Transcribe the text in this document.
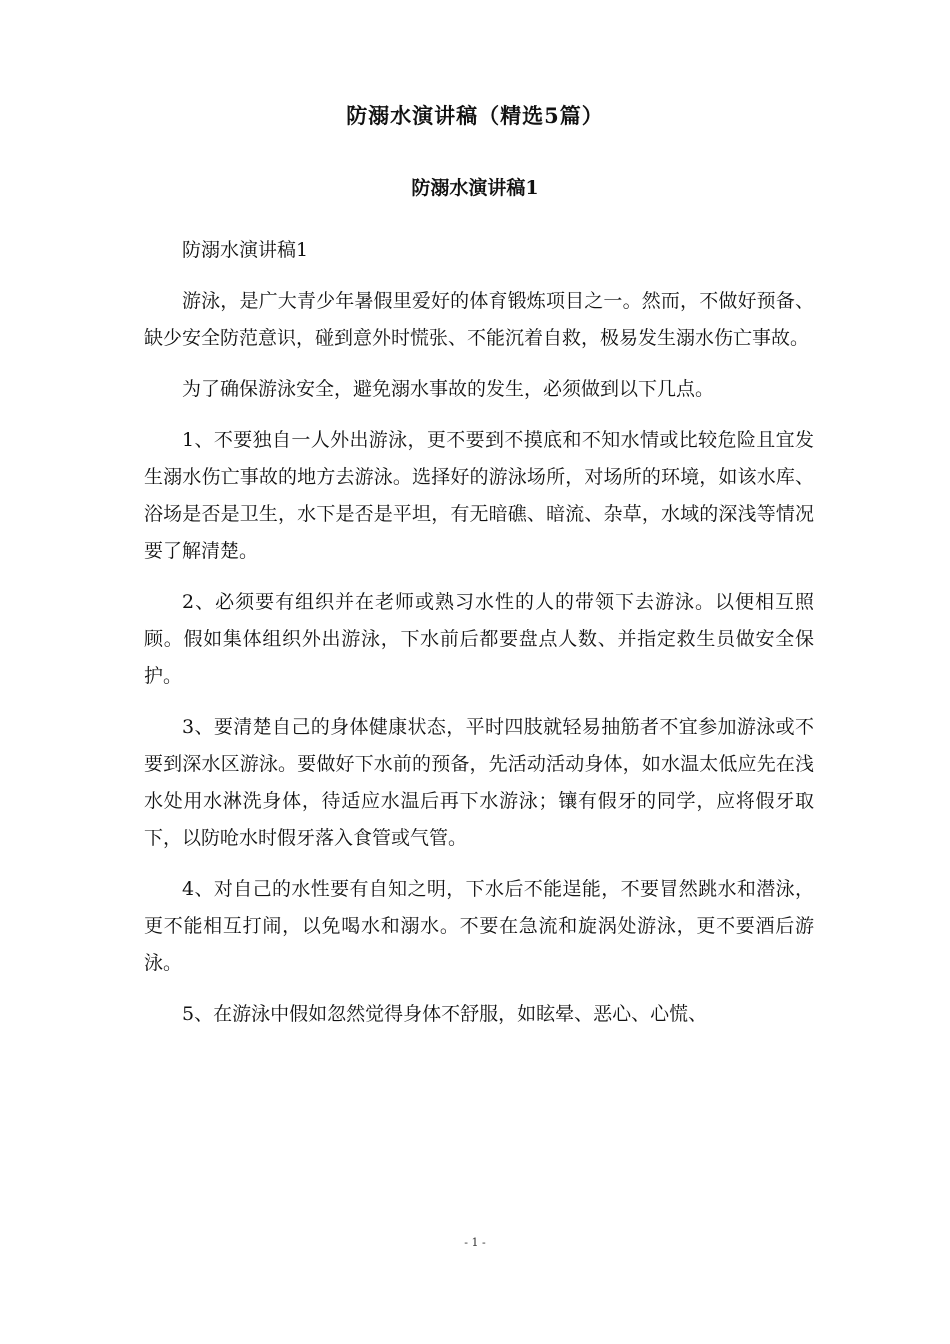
防溺水演讲稿（精选5篇）
防溺水演讲稿1

防溺水演讲稿1

游泳，是广大青少年暑假里爱好的体育锻炼项目之一。然而，不做好预备、缺少安全防范意识，碰到意外时慌张、不能沉着自救，极易发生溺水伤亡事故。

为了确保游泳安全，避免溺水事故的发生，必须做到以下几点。

1、不要独自一人外出游泳，更不要到不摸底和不知水情或比较危险且宜发生溺水伤亡事故的地方去游泳。选择好的游泳场所，对场所的环境，如该水库、浴场是否是卫生，水下是否是平坦，有无暗礁、暗流、杂草，水域的深浅等情况要了解清楚。

2、必须要有组织并在老师或熟习水性的人的带领下去游泳。以便相互照顾。假如集体组织外出游泳，下水前后都要盘点人数、并指定救生员做安全保护。

3、要清楚自己的身体健康状态，平时四肢就轻易抽筋者不宜参加游泳或不要到深水区游泳。要做好下水前的预备，先活动活动身体，如水温太低应先在浅水处用水淋洗身体，待适应水温后再下水游泳；镶有假牙的同学，应将假牙取下，以防呛水时假牙落入食管或气管。

4、对自己的水性要有自知之明，下水后不能逞能，不要冒然跳水和潜泳，更不能相互打闹，以免喝水和溺水。不要在急流和旋涡处游泳，更不要酒后游泳。

5、在游泳中假如忽然觉得身体不舒服，如眩晕、恶心、心慌、

- 1 -
